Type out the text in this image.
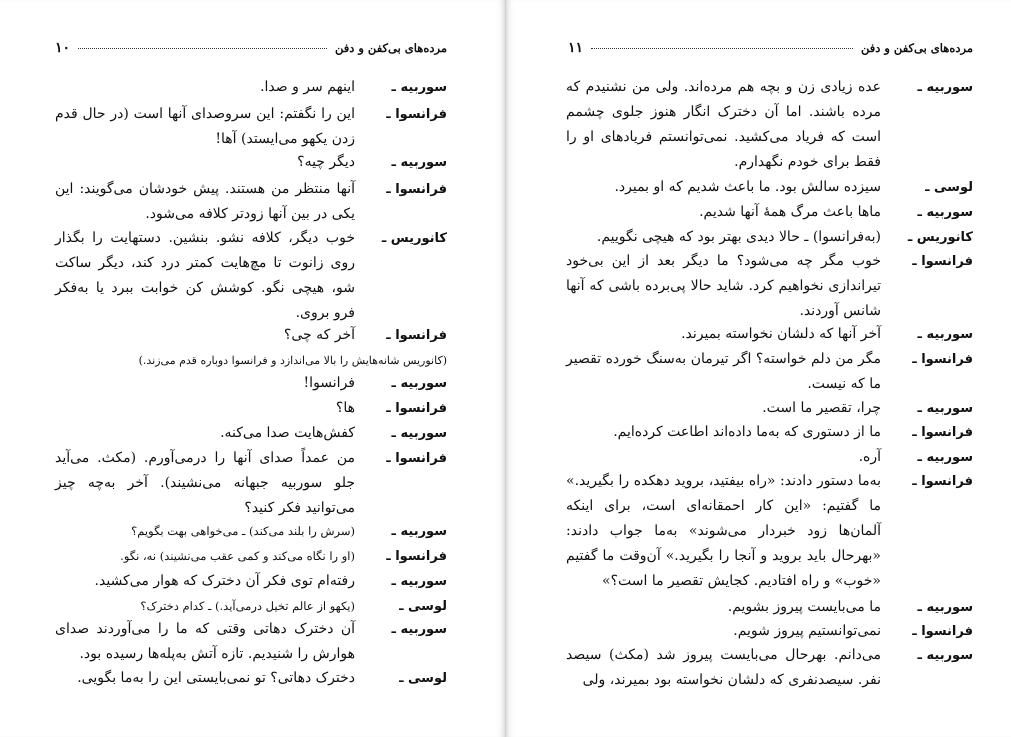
مرده‌های بی‌کفن و دفن
۱۰
سوربیه ـ
اینهم سر و صدا.
فرانسوا ـ
این را نگفتم: این سروصدای آنها است (در حال قدم زدن یکهو می‌ایستد) آها!
سوربیه ـ
دیگر چیه؟
فرانسوا ـ
آنها منتظر من هستند. پیش خودشان می‌گویند: این یکی در بین آنها زودتر کلافه می‌شود.
کانوریس ـ
خوب دیگر، کلافه نشو. بنشین. دستهایت را بگذار روی زانوت تا مچ‌هایت کمتر درد کند، دیگر ساکت شو، هیچی نگو. کوشش کن خوابت ببرد یا به‌فکر فرو بروی.
فرانسوا ـ
آخر که چی؟
(کانوریس شانه‌هایش را بالا می‌اندازد و فرانسوا دوباره قدم می‌زند.)
سوربیه ـ
فرانسوا!
فرانسوا ـ
ها؟
سوربیه ـ
کفش‌هایت صدا می‌کنه.
فرانسوا ـ
من عمداً صدای آنها را درمی‌آورم. (مکث. می‌آید جلو سوربیه جبهانه می‌نشیند). آخر به‌چه چیز می‌توانید فکر کنید؟
سوربیه ـ
(سرش را بلند می‌کند) ـ می‌خواهی بهت بگویم؟
فرانسوا ـ
(او را نگاه می‌کند و کمی عقب می‌نشیند) نه، نگو.
سوربیه ـ
رفته‌ام توی فکر آن دخترک که هوار می‌کشید.
لوسی ـ
(یکهو از عالم تخیل درمی‌آید.) ـ کدام دخترک؟
سوربیه ـ
آن دخترک دهاتی وقتی که ما را می‌آوردند صدای هوارش را شنیدیم. تازه آتش به‌پله‌ها رسیده بود.
لوسی ـ
دخترک دهاتی؟ تو نمی‌بایستی این را به‌ما بگویی.
مرده‌های بی‌کفن و دفن
۱۱
سوربیه ـ
عده زیادی زن و بچه هم مرده‌اند. ولی من نشنیدم که مرده باشند. اما آن دخترک انگار هنوز جلوی چشمم است که فریاد می‌کشید. نمی‌توانستم فریادهای او را فقط برای خودم نگهدارم.
لوسی ـ
سیزده سالش بود. ما باعث شدیم که او بمیرد.
سوربیه ـ
ماها باعث مرگ همهٔ آنها شدیم.
کانوریس ـ
(به‌فرانسوا) ـ حالا دیدی بهتر بود که هیچی نگوییم.
فرانسوا ـ
خوب مگر چه می‌شود؟ ما دیگر بعد از این بی‌خود تیراندازی نخواهیم کرد. شاید حالا پی‌برده باشی که آنها شانس آوردند.
سوربیه ـ
آخر آنها که دلشان نخواسته بمیرند.
فرانسوا ـ
مگر من دلم خواسته؟ اگر تیرمان به‌سنگ خورده تقصیر ما که نیست.
سوربیه ـ
چرا، تقصیر ما است.
فرانسوا ـ
ما از دستوری که به‌ما داده‌اند اطاعت کرده‌ایم.
سوربیه ـ
آره.
فرانسوا ـ
به‌ما دستور دادند: «راه بیفتید، بروید دهکده را بگیرید.» ما گفتیم: «این کار احمقانه‌ای است، برای اینکه آلمان‌ها زود خبردار می‌شوند» به‌ما جواب دادند: «بهرحال باید بروید و آنجا را بگیرید.» آن‌وقت ما گفتیم «خوب» و راه افتادیم. کجایش تقصیر ما است؟»
سوربیه ـ
ما می‌بایست پیروز بشویم.
فرانسوا ـ
نمی‌توانستیم پیروز شویم.
سوربیه ـ
می‌دانم. بهرحال می‌بایست پیروز شد (مکث) سیصد نفر. سیصد‌نفری که دلشان نخواسته بود بمیرند، ولی
